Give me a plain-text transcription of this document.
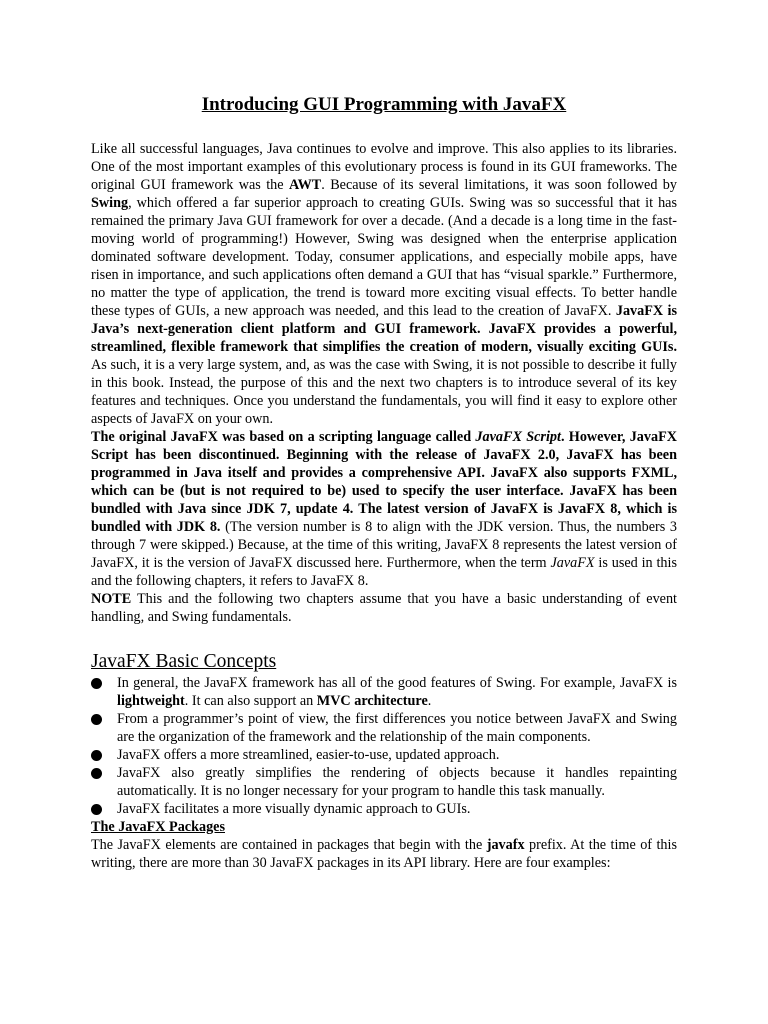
Introducing GUI Programming with JavaFX

Like all successful languages, Java continues to evolve and improve. This also applies to its libraries. One of the most important examples of this evolutionary process is found in its GUI frameworks. The original GUI framework was the AWT. Because of its several limitations, it was soon followed by Swing, which offered a far superior approach to creating GUIs. Swing was so successful that it has remained the primary Java GUI framework for over a decade. (And a decade is a long time in the fast-moving world of programming!) However, Swing was designed when the enterprise application dominated software development. Today, consumer applications, and especially mobile apps, have risen in importance, and such applications often demand a GUI that has “visual sparkle.” Furthermore, no matter the type of application, the trend is toward more exciting visual effects. To better handle these types of GUIs, a new approach was needed, and this lead to the creation of JavaFX. JavaFX is Java’s next-generation client platform and GUI framework. JavaFX provides a powerful, streamlined, flexible framework that simplifies the creation of modern, visually exciting GUIs. As such, it is a very large system, and, as was the case with Swing, it is not possible to describe it fully in this book. Instead, the purpose of this and the next two chapters is to introduce several of its key features and techniques. Once you understand the fundamentals, you will find it easy to explore other aspects of JavaFX on your own.

The original JavaFX was based on a scripting language called JavaFX Script. However, JavaFX Script has been discontinued. Beginning with the release of JavaFX 2.0, JavaFX has been programmed in Java itself and provides a comprehensive API. JavaFX also supports FXML, which can be (but is not required to be) used to specify the user interface. JavaFX has been bundled with Java since JDK 7, update 4. The latest version of JavaFX is JavaFX 8, which is bundled with JDK 8. (The version number is 8 to align with the JDK version. Thus, the numbers 3 through 7 were skipped.) Because, at the time of this writing, JavaFX 8 represents the latest version of JavaFX, it is the version of JavaFX discussed here. Furthermore, when the term JavaFX is used in this and the following chapters, it refers to JavaFX 8.

NOTE This and the following two chapters assume that you have a basic understanding of event handling, and Swing fundamentals.

JavaFX Basic Concepts
In general, the JavaFX framework has all of the good features of Swing. For example, JavaFX is lightweight. It can also support an MVC architecture.
From a programmer’s point of view, the first differences you notice between JavaFX and Swing are the organization of the framework and the relationship of the main components.
JavaFX offers a more streamlined, easier-to-use, updated approach.
JavaFX also greatly simplifies the rendering of objects because it handles repainting automatically. It is no longer necessary for your program to handle this task manually.
JavaFX facilitates a more visually dynamic approach to GUIs.

The JavaFX Packages

The JavaFX elements are contained in packages that begin with the javafx prefix. At the time of this writing, there are more than 30 JavaFX packages in its API library. Here are four examples:
